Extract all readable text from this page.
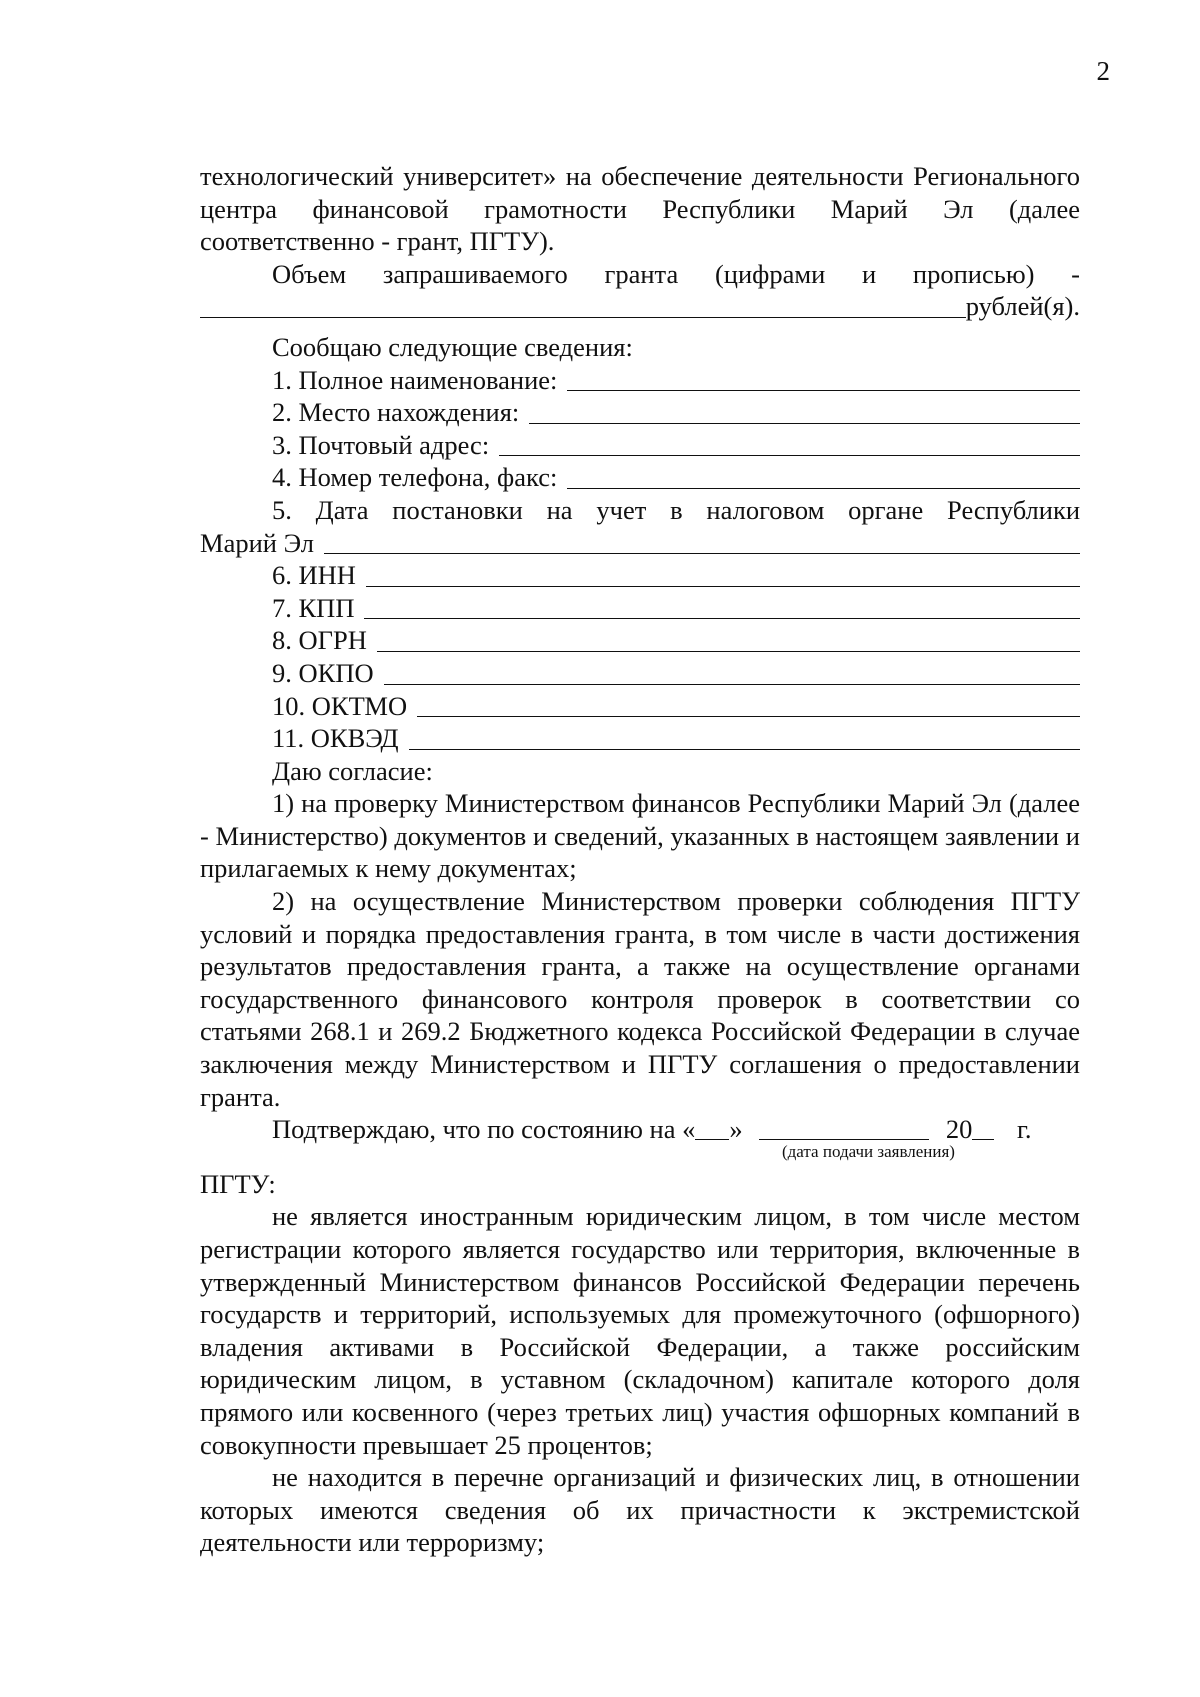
2

технологический университет» на обеспечение деятельности Регионального центра финансовой грамотности Республики Марий Эл (далее соответственно - грант, ПГТУ).

Объем запрашиваемого гранта (цифрами и прописью) -

рублей(я).

Сообщаю следующие сведения:

1. Полное наименование:
2. Место нахождения:
3. Почтовый адрес:
4. Номер телефона, факс:

5. Дата постановки на учет в налоговом органе Республики

Марий Эл
6. ИНН
7. КПП
8. ОГРН
9. ОКПО
10. ОКТМО
11. ОКВЭД

Даю согласие:

1) на проверку Министерством финансов Республики Марий Эл (далее - Министерство) документов и сведений, указанных в настоящем заявлении и прилагаемых к нему документах;

2) на осуществление Министерством проверки соблюдения ПГТУ условий и порядка предоставления гранта, в том числе в части достижения результатов предоставления гранта, а также на осуществление органами государственного финансового контроля проверок в соответствии со статьями 268.1 и 269.2 Бюджетного кодекса Российской Федерации в случае заключения между Министерством и ПГТУ соглашения о предоставлении гранта.

Подтверждаю, что по состоянию на « »	20 г.
(дата подачи заявления)

ПГТУ:

не является иностранным юридическим лицом, в том числе местом регистрации которого является государство или территория, включенные в утвержденный Министерством финансов Российской Федерации перечень государств и территорий, используемых для промежуточного (офшорного) владения активами в Российской Федерации, а также российским юридическим лицом, в уставном (складочном) капитале которого доля прямого или косвенного (через третьих лиц) участия офшорных компаний в совокупности превышает 25 процентов;

не находится в перечне организаций и физических лиц, в отношении которых имеются сведения об их причастности к экстремистской деятельности или терроризму;
